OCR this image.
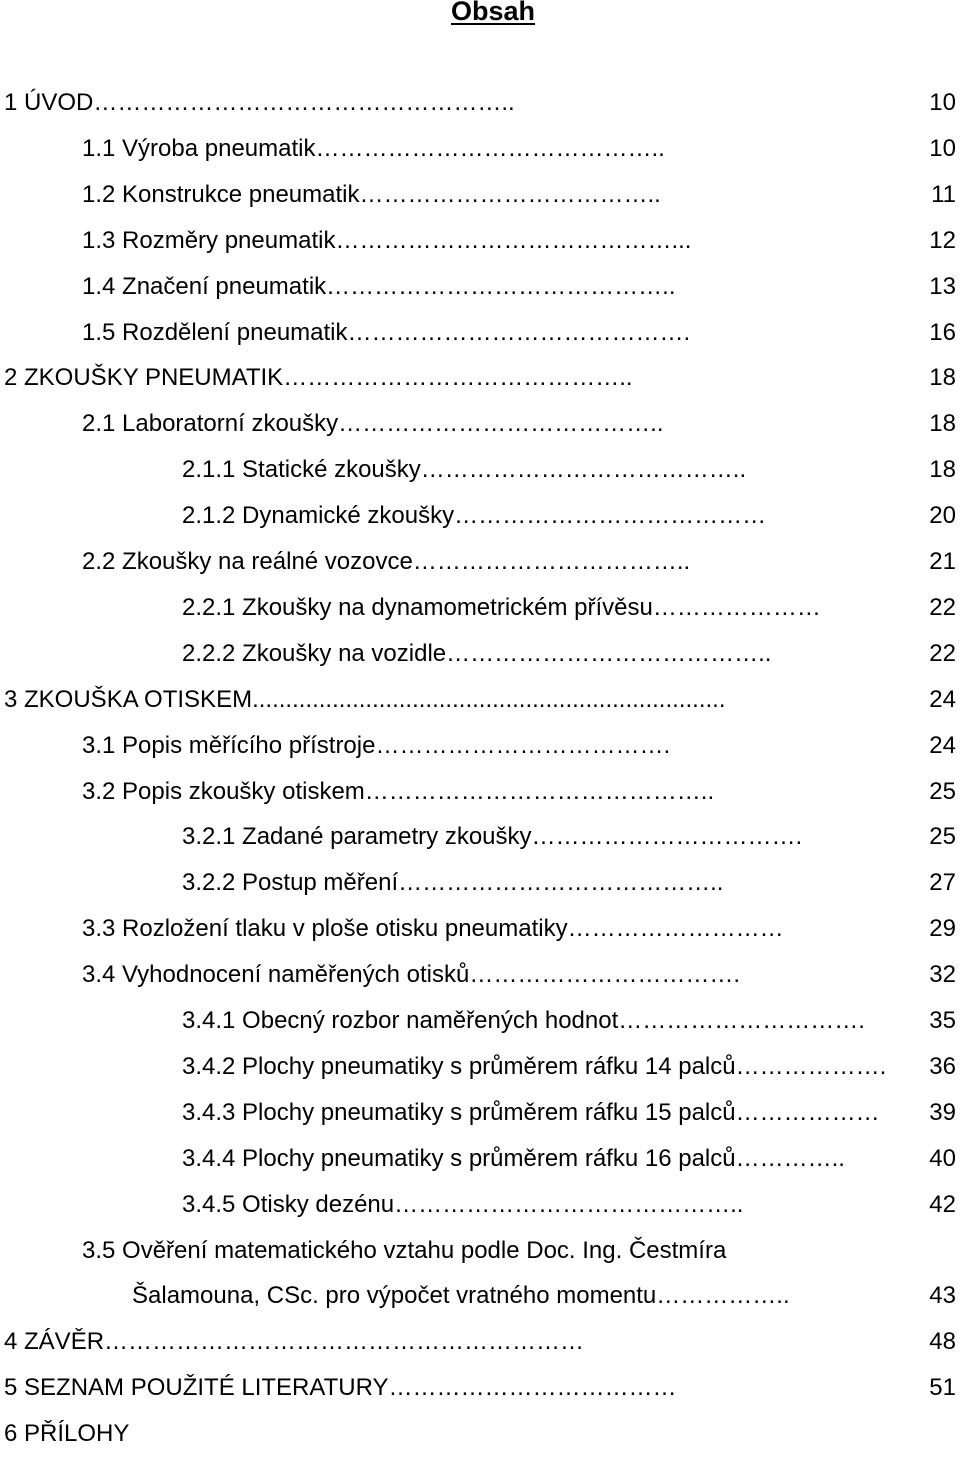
Obsah
1 ÚVOD ……………………………………………..	10
1.1 Výroba pneumatik ……………………………………..	10
1.2 Konstrukce pneumatik ………………………………..	11
1.3 Rozměry pneumatik ……………………………………...	12
1.4 Značení pneumatik ……………………………………..	13
1.5 Rozdělení pneumatik …………………………………….	16
2 ZKOUŠKY PNEUMATIK ……………………………………..	18
2.1 Laboratorní zkoušky …………………………………..	18
2.1.1 Statické zkoušky …………………………………..	18
2.1.2 Dynamické zkoušky …………………………………	20
2.2 Zkoušky na reálné vozovce ……………………………..	21
2.2.1 Zkoušky na dynamometrickém přívěsu …………………	22
2.2.2 Zkoušky na vozidle …………………………………..	22
3 ZKOUŠKA OTISKEM .......................................................................	24
3.1 Popis měřícího přístroje ……………………………….	24
3.2 Popis zkoušky otiskem ……………………………………..	25
3.2.1 Zadané parametry zkoušky …………………………….	25
3.2.2 Postup měření …………………………………..	27
3.3 Rozložení tlaku v ploše otisku pneumatiky ………………………	29
3.4 Vyhodnocení naměřených otisků …………………………….	32
3.4.1 Obecný rozbor naměřených hodnot ………………………….	35
3.4.2 Plochy pneumatiky s průměrem ráfku 14 palců ……………….	36
3.4.3 Plochy pneumatiky s průměrem ráfku 15 palců ………………	39
3.4.4 Plochy pneumatiky s průměrem ráfku 16 palců …………..	40
3.4.5 Otisky dezénu ……………………………………..	42
3.5 Ověření matematického vztahu podle Doc. Ing. Čestmíra
Šalamouna, CSc. pro výpočet vratného momentu ……………..	43
4 ZÁVĚR ……………………………………………………	48
5 SEZNAM POUŽITÉ LITERATURY ………………………………	51
6 PŘÍLOHY
